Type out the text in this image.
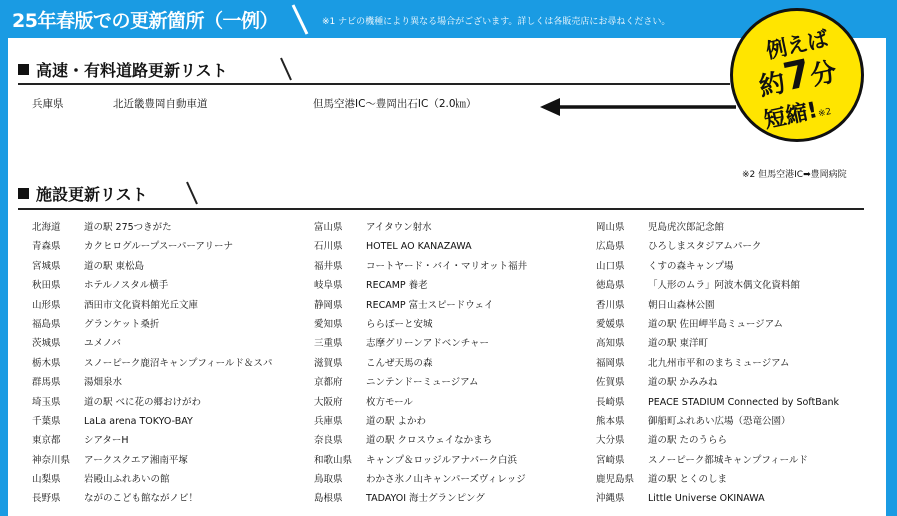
25年春版での更新箇所（一例）	※1 ナビの機種により異なる場合がございます。詳しくは各販売店にお尋ねください。
高速・有料道路更新リスト
兵庫県	北近畿豊岡自動車道	但馬空港IC～豊岡出石IC（2.0㎞）
例えば
約7分
短縮!※2
※2 但馬空港IC➡豊岡病院
施設更新リスト
北海道 道の駅 275つきがた
青森県 カクヒログループスーパーアリーナ
宮城県 道の駅 東松島
秋田県 ホテルノスタル横手
山形県 酒田市文化資料館光丘文庫
福島県 グランケット桑折
茨城県 ユメノバ
栃木県 スノーピーク鹿沼キャンプフィールド＆スパ
群馬県 湯畑泉水
埼玉県 道の駅 べに花の郷おけがわ
千葉県 LaLa arena TOKYO-BAY
東京都 シアターH
神奈川県 アークスクエア湘南平塚
山梨県 岩殿山ふれあいの館
長野県 ながのこども館ながノビ！
富山県 アイタウン射水
石川県 HOTEL AO KANAZAWA
福井県 コートヤード・バイ・マリオット福井
岐阜県 RECAMP 養老
静岡県 RECAMP 富士スピードウェイ
愛知県 ららぽーと安城
三重県 志摩グリーンアドベンチャー
滋賀県 こんぜ天馬の森
京都府 ニンテンドーミュージアム
大阪府 枚方モール
兵庫県 道の駅 よかわ
奈良県 道の駅 クロスウェイなかまち
和歌山県 キャンプ＆ロッジルアナパーク白浜
鳥取県 わかさ氷ノ山キャンパーズヴィレッジ
島根県 TADAYOI 海士グランピング
岡山県 児島虎次郎記念館
広島県 ひろしまスタジアムパーク
山口県 くすの森キャンプ場
徳島県 「人形のムラ」阿波木偶文化資料館
香川県 朝日山森林公園
愛媛県 道の駅 佐田岬半島ミュージアム
高知県 道の駅 東洋町
福岡県 北九州市平和のまちミュージアム
佐賀県 道の駅 かみみね
長崎県 PEACE STADIUM Connected by SoftBank
熊本県 御船町ふれあい広場（恐竜公園）
大分県 道の駅 たのうらら
宮崎県 スノーピーク都城キャンプフィールド
鹿児島県 道の駅 とくのしま
沖縄県 Little Universe OKINAWA
